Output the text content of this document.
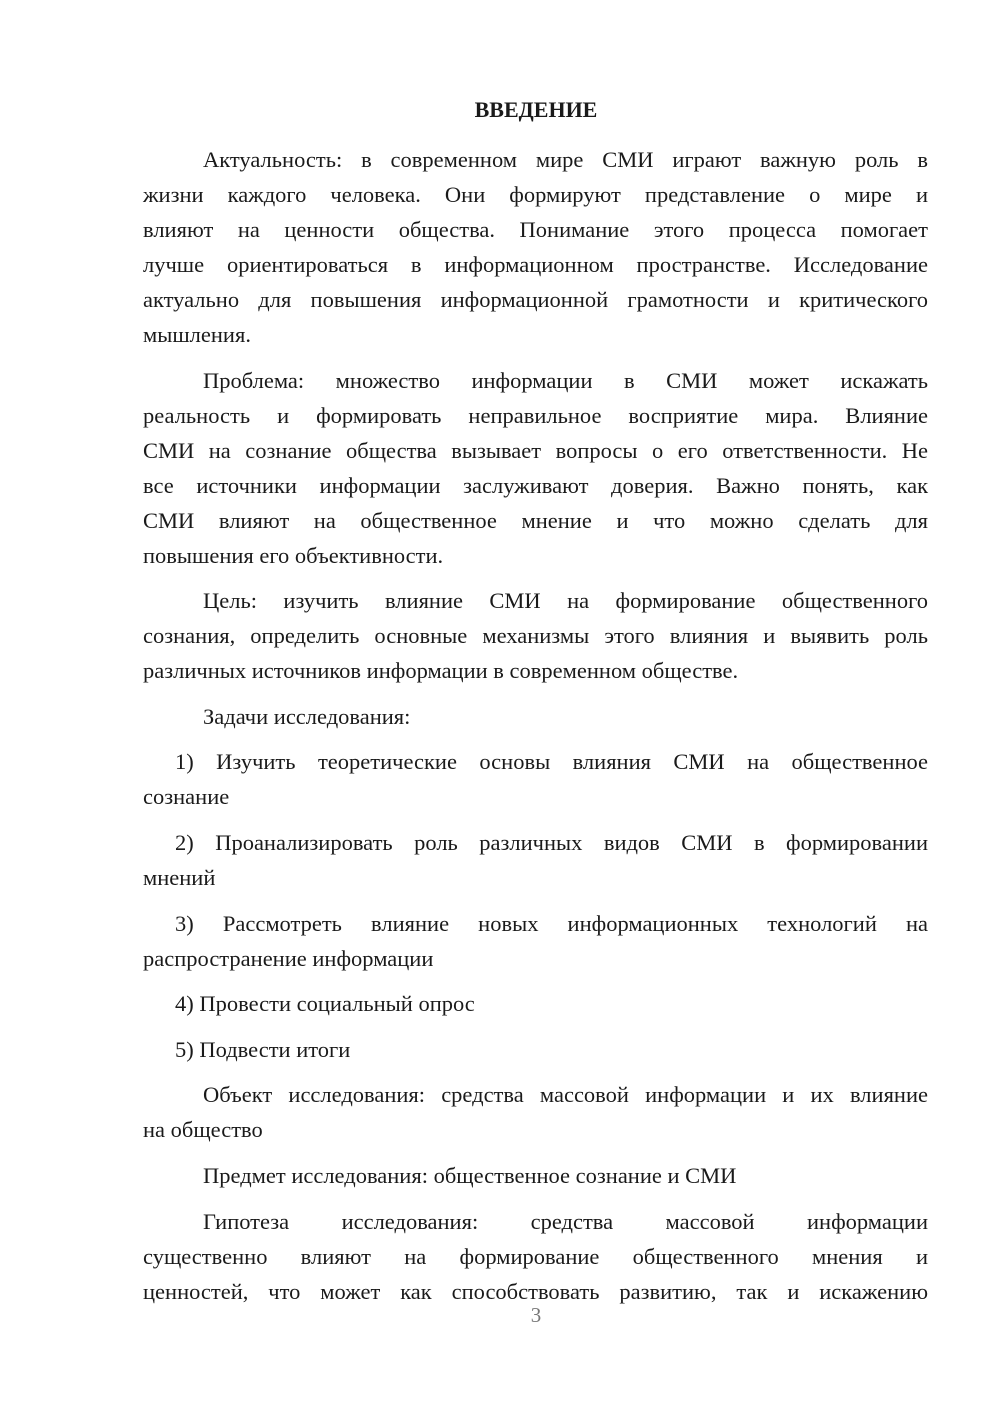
ВВЕДЕНИЕ
Актуальность: в современном мире СМИ играют важную роль в
жизни каждого человека. Они формируют представление о мире и
влияют на ценности общества. Понимание этого процесса помогает
лучше ориентироваться в информационном пространстве. Исследование
актуально для повышения информационной грамотности и критического
мышления.
Проблема: множество информации в СМИ может искажать
реальность и формировать неправильное восприятие мира. Влияние
СМИ на сознание общества вызывает вопросы о его ответственности. Не
все источники информации заслуживают доверия. Важно понять, как
СМИ влияют на общественное мнение и что можно сделать для
повышения его объективности.
Цель: изучить влияние СМИ на формирование общественного
сознания, определить основные механизмы этого влияния и выявить роль
различных источников информации в современном обществе.
Задачи исследования:
1) Изучить теоретические основы влияния СМИ на общественное
сознание
2) Проанализировать роль различных видов СМИ в формировании
мнений
3) Рассмотреть влияние новых информационных технологий на
распространение информации
4) Провести социальный опрос
5) Подвести итоги
Объект исследования: средства массовой информации и их влияние
на общество
Предмет исследования: общественное сознание и СМИ
Гипотеза исследования: средства массовой информации
существенно влияют на формирование общественного мнения и
ценностей, что может как способствовать развитию, так и искажению
3
